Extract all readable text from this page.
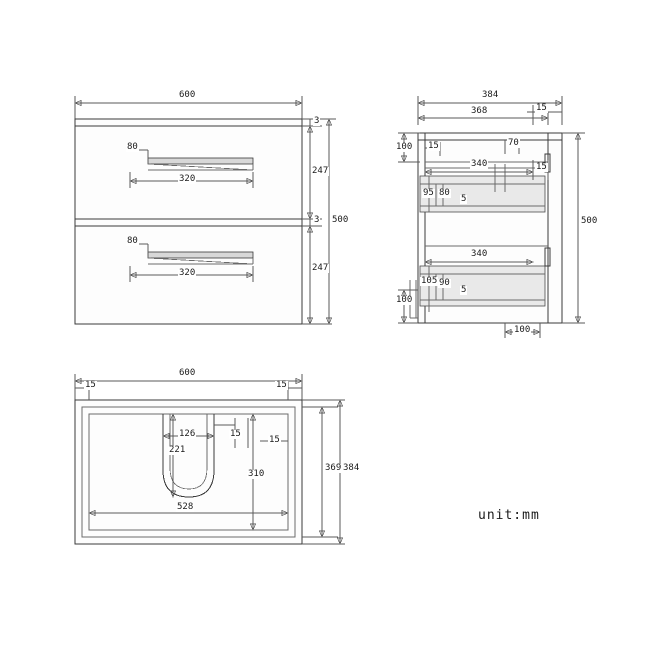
600
3
247
3
247
500
80
320
80
320
384
368	15
100 15	70
340	15
95 80
5
340
105 90
5
100
100
500
600
15	15
126	15
15
221
310
528
369 384
unit:mm
